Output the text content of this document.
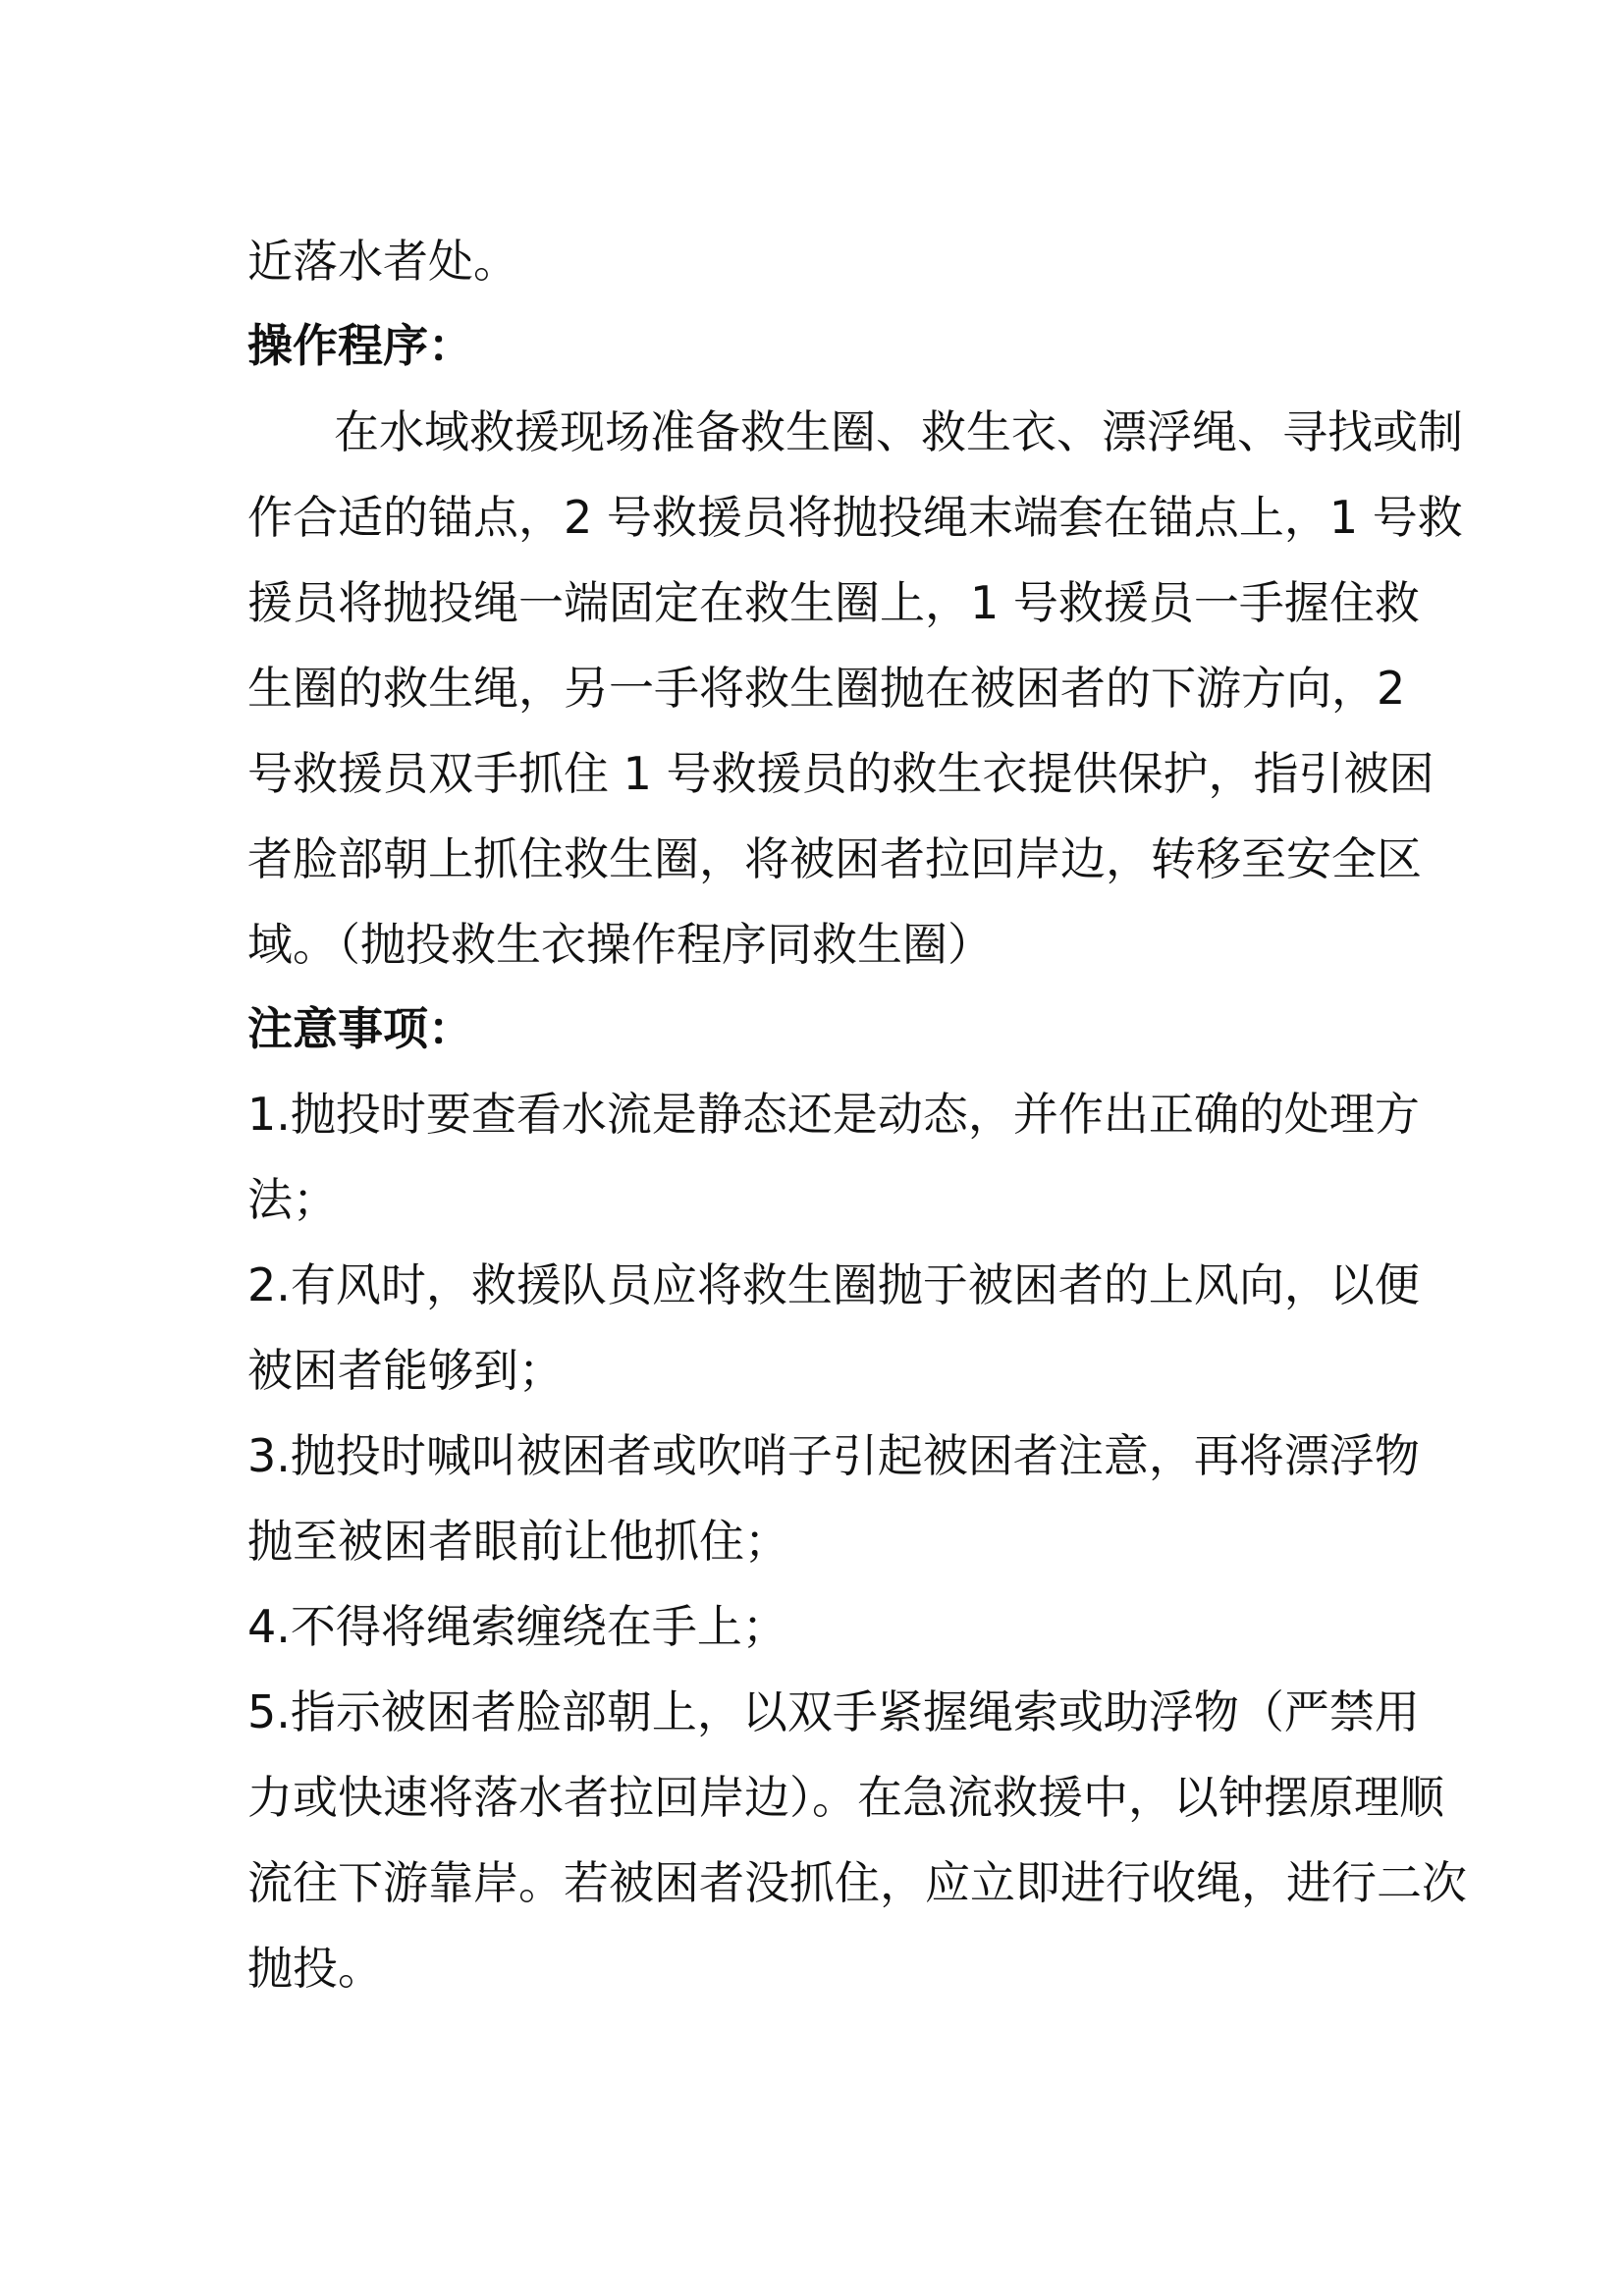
近落水者处。
操作程序：
在水域救援现场准备救生圈、救生衣、漂浮绳、寻找或制
作合适的锚点，2 号救援员将抛投绳末端套在锚点上，1 号救
援员将抛投绳一端固定在救生圈上，1 号救援员一手握住救
生圈的救生绳，另一手将救生圈抛在被困者的下游方向，2
号救援员双手抓住 1 号救援员的救生衣提供保护，指引被困
者脸部朝上抓住救生圈，将被困者拉回岸边，转移至安全区
域。（抛投救生衣操作程序同救生圈）
注意事项：
1.抛投时要查看水流是静态还是动态，并作出正确的处理方
法；
2.有风时，救援队员应将救生圈抛于被困者的上风向，以便
被困者能够到；
3.抛投时喊叫被困者或吹哨子引起被困者注意，再将漂浮物
抛至被困者眼前让他抓住；
4.不得将绳索缠绕在手上；
5.指示被困者脸部朝上，以双手紧握绳索或助浮物（严禁用
力或快速将落水者拉回岸边）。在急流救援中，以钟摆原理顺
流往下游靠岸。若被困者没抓住，应立即进行收绳，进行二次
抛投。
